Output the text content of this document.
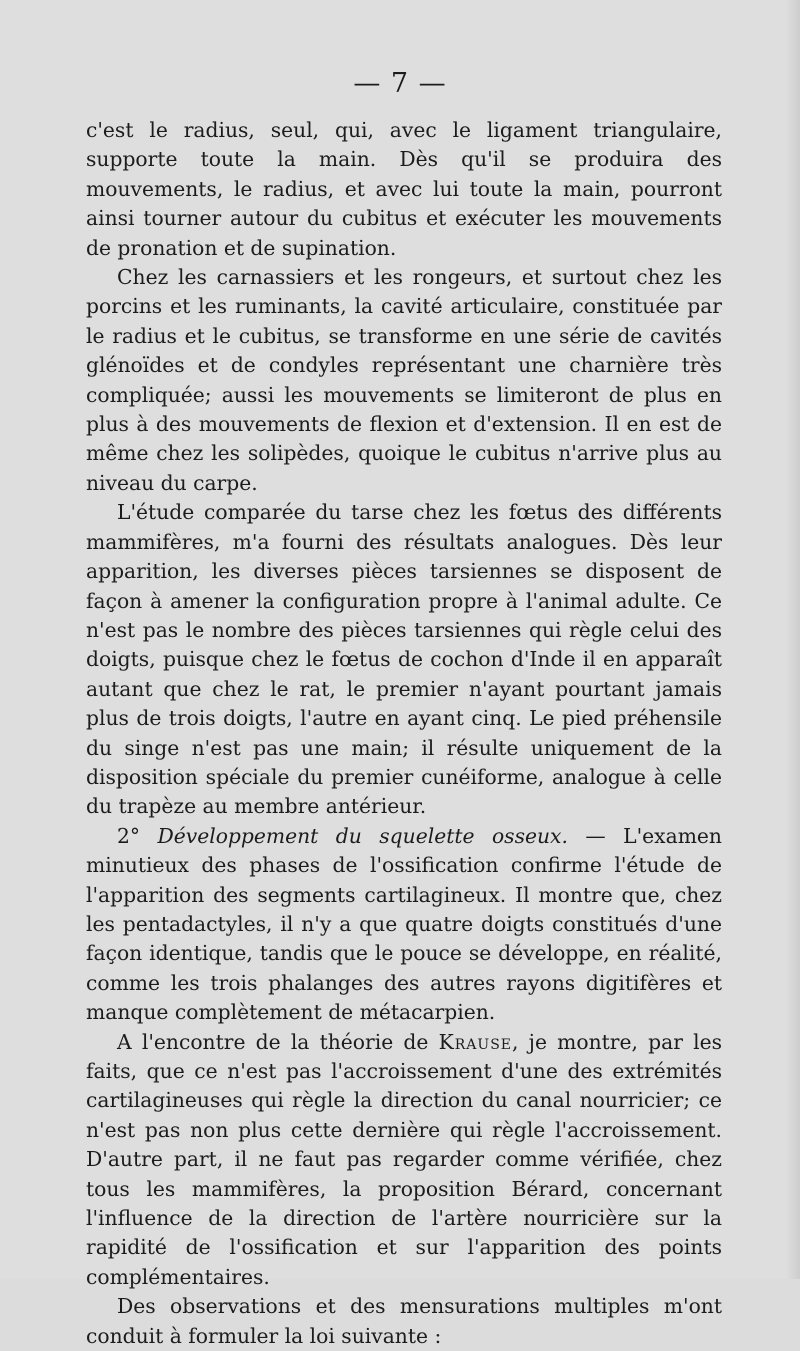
— 7 —

c'est le radius, seul, qui, avec le ligament triangulaire, supporte toute la main. Dès qu'il se produira des mouvements, le radius, et avec lui toute la main, pourront ainsi tourner autour du cubitus et exécuter les mouvements de pronation et de supination.

Chez les carnassiers et les rongeurs, et surtout chez les porcins et les ruminants, la cavité articulaire, constituée par le radius et le cubitus, se transforme en une série de cavités glénoïdes et de condyles représentant une charnière très compliquée; aussi les mouvements se limiteront de plus en plus à des mouvements de flexion et d'extension. Il en est de même chez les solipèdes, quoique le cubitus n'arrive plus au niveau du carpe.

L'étude comparée du tarse chez les fœtus des différents mammifères, m'a fourni des résultats analogues. Dès leur apparition, les diverses pièces tarsiennes se disposent de façon à amener la configuration propre à l'animal adulte. Ce n'est pas le nombre des pièces tarsiennes qui règle celui des doigts, puisque chez le fœtus de cochon d'Inde il en apparaît autant que chez le rat, le premier n'ayant pourtant jamais plus de trois doigts, l'autre en ayant cinq. Le pied préhensile du singe n'est pas une main; il résulte uniquement de la disposition spéciale du premier cunéiforme, analogue à celle du trapèze au membre antérieur.

2° Développement du squelette osseux. — L'examen minutieux des phases de l'ossification confirme l'étude de l'apparition des segments cartilagineux. Il montre que, chez les pentadactyles, il n'y a que quatre doigts constitués d'une façon identique, tandis que le pouce se développe, en réalité, comme les trois phalanges des autres rayons digitifères et manque complètement de métacarpien.

A l'encontre de la théorie de Krause, je montre, par les faits, que ce n'est pas l'accroissement d'une des extrémités cartilagineuses qui règle la direction du canal nourricier; ce n'est pas non plus cette dernière qui règle l'accroissement. D'autre part, il ne faut pas regarder comme vérifiée, chez tous les mammifères, la proposition Bérard, concernant l'influence de la direction de l'artère nourricière sur la rapidité de l'ossification et sur l'apparition des points complémentaires.

Des observations et des mensurations multiples m'ont conduit à formuler la loi suivante :
